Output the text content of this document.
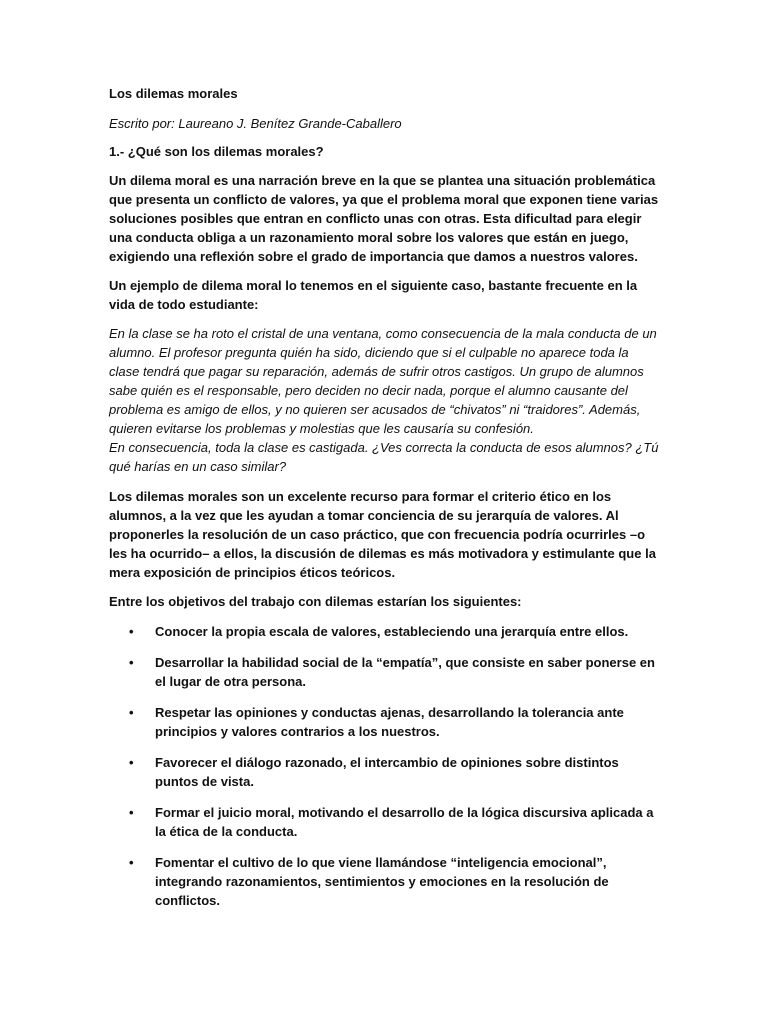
Los dilemas morales

Escrito por: Laureano J. Benítez Grande-Caballero

1.- ¿Qué son los dilemas morales?

Un dilema moral es una narración breve en la que se plantea una situación problemática que presenta un conflicto de valores, ya que el problema moral que exponen tiene varias soluciones posibles que entran en conflicto unas con otras. Esta dificultad para elegir una conducta obliga a un razonamiento moral sobre los valores que están en juego, exigiendo una reflexión sobre el grado de importancia que damos a nuestros valores.

Un ejemplo de dilema moral lo tenemos en el siguiente caso, bastante frecuente en la vida de todo estudiante:

En la clase se ha roto el cristal de una ventana, como consecuencia de la mala conducta de un alumno. El profesor pregunta quién ha sido, diciendo que si el culpable no aparece toda la clase tendrá que pagar su reparación, además de sufrir otros castigos. Un grupo de alumnos sabe quién es el responsable, pero deciden no decir nada, porque el alumno causante del problema es amigo de ellos, y no quieren ser acusados de “chivatos” ni “traidores”. Además, quieren evitarse los problemas y molestias que les causaría su confesión.
En consecuencia, toda la clase es castigada. ¿Ves correcta la conducta de esos alumnos? ¿Tú qué harías en un caso similar?

Los dilemas morales son un excelente recurso para formar el criterio ético en los alumnos, a la vez que les ayudan a tomar conciencia de su jerarquía de valores. Al proponerles la resolución de un caso práctico, que con frecuencia podría ocurrirles –o les ha ocurrido– a ellos, la discusión de dilemas es más motivadora y estimulante que la mera exposición de principios éticos teóricos.

Entre los objetivos del trabajo con dilemas estarían los siguientes:

• Conocer la propia escala de valores, estableciendo una jerarquía entre ellos.
• Desarrollar la habilidad social de la “empatía”, que consiste en saber ponerse en el lugar de otra persona.
• Respetar las opiniones y conductas ajenas, desarrollando la tolerancia ante principios y valores contrarios a los nuestros.
• Favorecer el diálogo razonado, el intercambio de opiniones sobre distintos puntos de vista.
• Formar el juicio moral, motivando el desarrollo de la lógica discursiva aplicada a la ética de la conducta.
• Fomentar el cultivo de lo que viene llamándose “inteligencia emocional”, integrando razonamientos, sentimientos y emociones en la resolución de conflictos.
